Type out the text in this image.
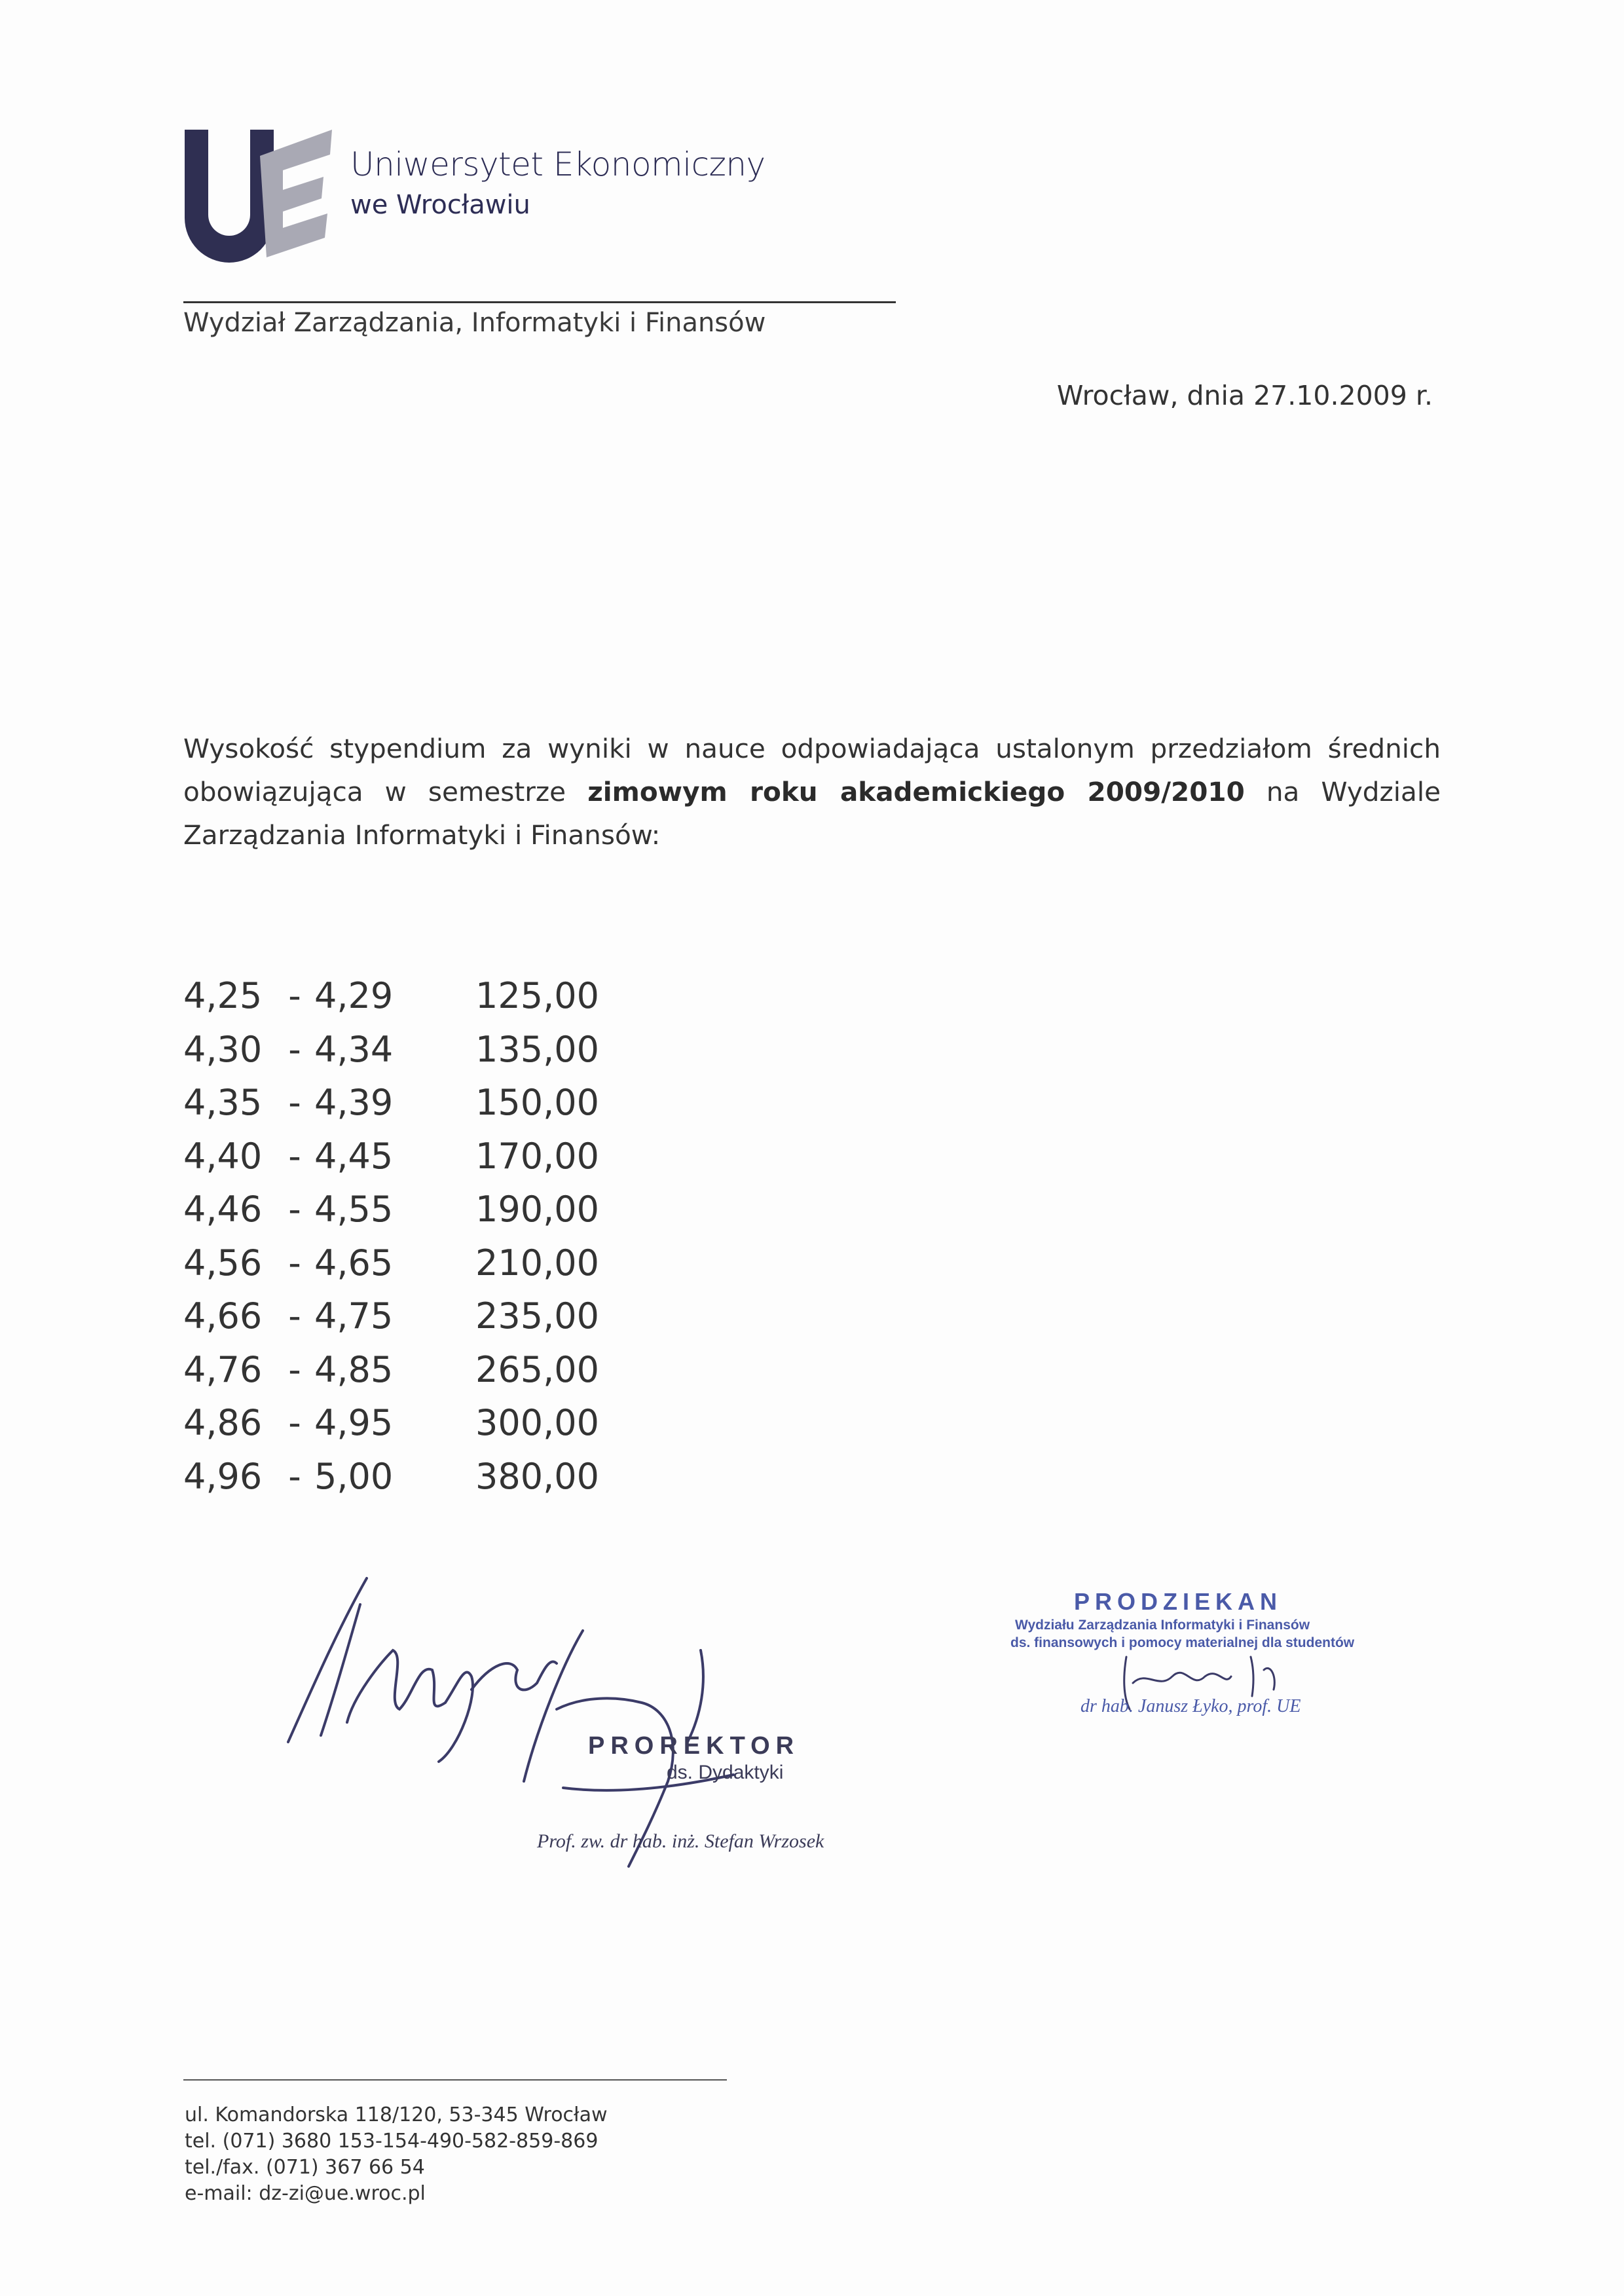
Uniwersytet Ekonomiczny
we Wrocławiu
Wydział Zarządzania, Informatyki i Finansów
Wrocław, dnia 27.10.2009 r.
Wysokość stypendium za wyniki w nauce odpowiadająca ustalonym przedziałom średnich obowiązująca w semestrze zimowym roku akademickiego 2009/2010 na Wydziale Zarządzania Informatyki i Finansów:
4,25 - 4,29	125,00
4,30 - 4,34	135,00
4,35 - 4,39	150,00
4,40 - 4,45	170,00
4,46 - 4,55	190,00
4,56 - 4,65	210,00
4,66 - 4,75	235,00
4,76 - 4,85	265,00
4,86 - 4,95	300,00
4,96 - 5,00	380,00
PROREKTOR
ds. Dydaktyki
Prof. zw. dr hab. inż. Stefan Wrzosek
PRODZIEKAN
Wydziału Zarządzania Informatyki i Finansów
ds. finansowych i pomocy materialnej dla studentów
dr hab. Janusz Łyko, prof. UE
ul. Komandorska 118/120, 53-345 Wrocław
tel. (071) 3680 153-154-490-582-859-869
tel./fax. (071) 367 66 54
e-mail: dz-zi@ue.wroc.pl
